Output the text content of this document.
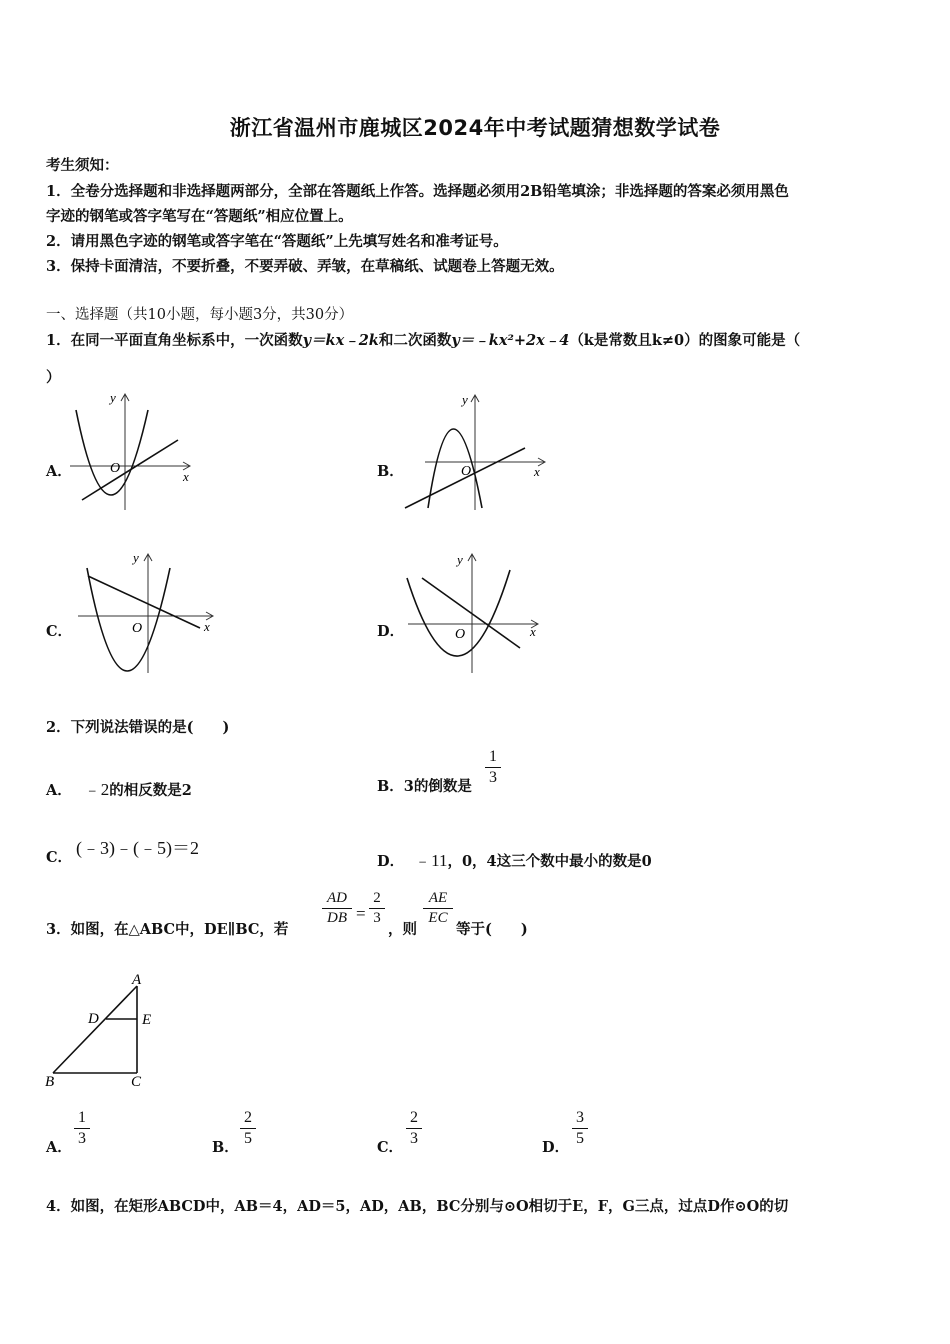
浙江省温州市鹿城区2024年中考试题猜想数学试卷
考生须知：
1．全卷分选择题和非选择题两部分，全部在答题纸上作答。选择题必须用2B铅笔填涂；非选择题的答案必须用黑色
字迹的钢笔或答字笔写在“答题纸”相应位置上。
2．请用黑色字迹的钢笔或答字笔在“答题纸”上先填写姓名和准考证号。
3．保持卡面清洁，不要折叠，不要弄破、弄皱，在草稿纸、试题卷上答题无效。
一、选择题（共10小题，每小题3分，共30分）
1．在同一平面直角坐标系中，一次函数y＝kx﹣2k和二次函数y＝﹣kx²+2x﹣4（k是常数且k≠0）的图象可能是（
）
A．
y
x
O	B．
y
x
O
C．
y
x
O	D．
y
x
O
2．下列说法错误的是(　　)
A． ﹣2的相反数是2	B．3的倒数是
1
3
C． (﹣3)﹣(﹣5)＝2
D． ﹣11，0，4这三个数中最小的数是0
3．如图，在△ABC中，DE∥BC，若
AD
DB =
2
3
，则
AE
EC
等于(　　)
A
D	E
B	C
A．
1
3
B．
2
5
C．
2
3
D．
3
5
4．如图，在矩形ABCD中，AB＝4，AD＝5，AD，AB，BC分别与⊙O相切于E，F，G三点，过点D作⊙O的切
